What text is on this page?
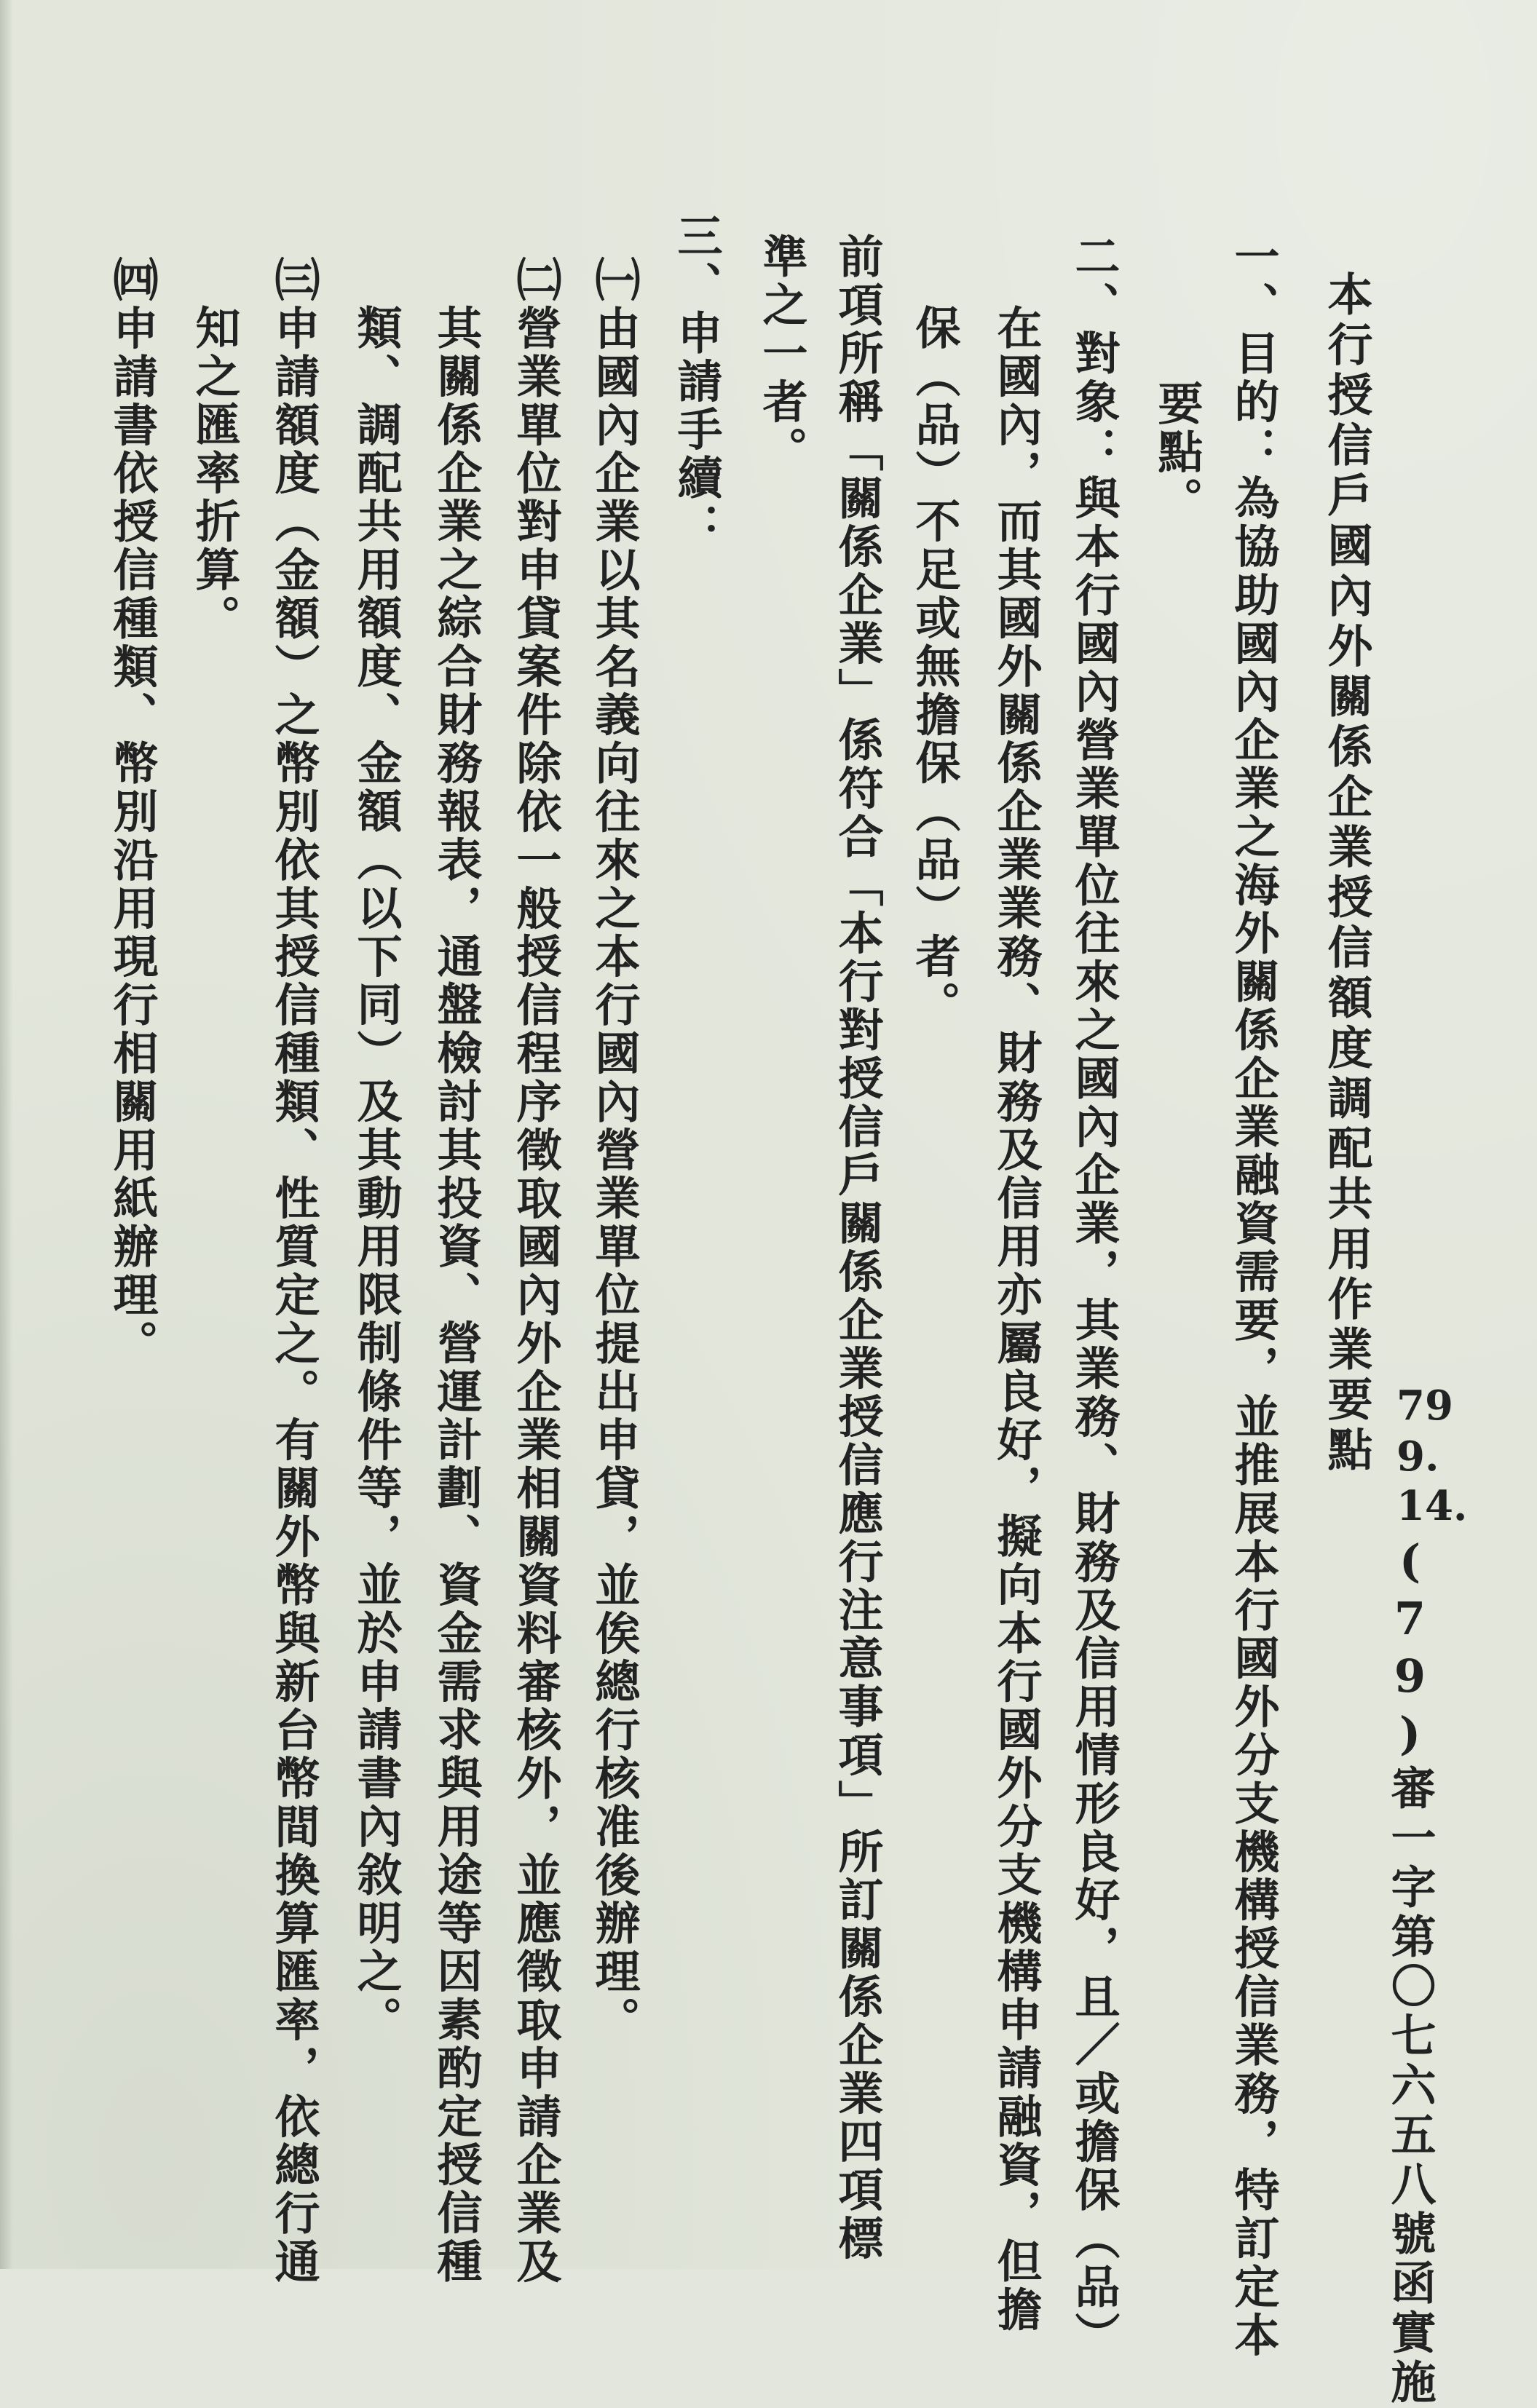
79
9.
14.
(79)審一字第〇七六五八號函實施
本行授信戶國內外關係企業授信額度調配共用作業要點
一、目的：為協助國內企業之海外關係企業融資需要，並推展本行國外分支機構授信業務，特訂定本
要點。
二、對象：與本行國內營業單位往來之國內企業，其業務、財務及信用情形良好，且／或擔保（品）
在國內，而其國外關係企業業務、財務及信用亦屬良好，擬向本行國外分支機構申請融資，但擔
保（品）不足或無擔保（品）者。
前項所稱「關係企業」係符合「本行對授信戶關係企業授信應行注意事項」所訂關係企業四項標
準之一者。
三、申請手續：
㈠由國內企業以其名義向往來之本行國內營業單位提出申貸，並俟總行核准後辦理。
㈡營業單位對申貸案件除依一般授信程序徵取國內外企業相關資料審核外，並應徵取申請企業及
其關係企業之綜合財務報表，通盤檢討其投資、營運計劃、資金需求與用途等因素酌定授信種
類、調配共用額度、金額（以下同）及其動用限制條件等，並於申請書內敘明之。
㈢申請額度（金額）之幣別依其授信種類、性質定之。有關外幣與新台幣間換算匯率，依總行通
知之匯率折算。
㈣申請書依授信種類、幣別沿用現行相關用紙辦理。
